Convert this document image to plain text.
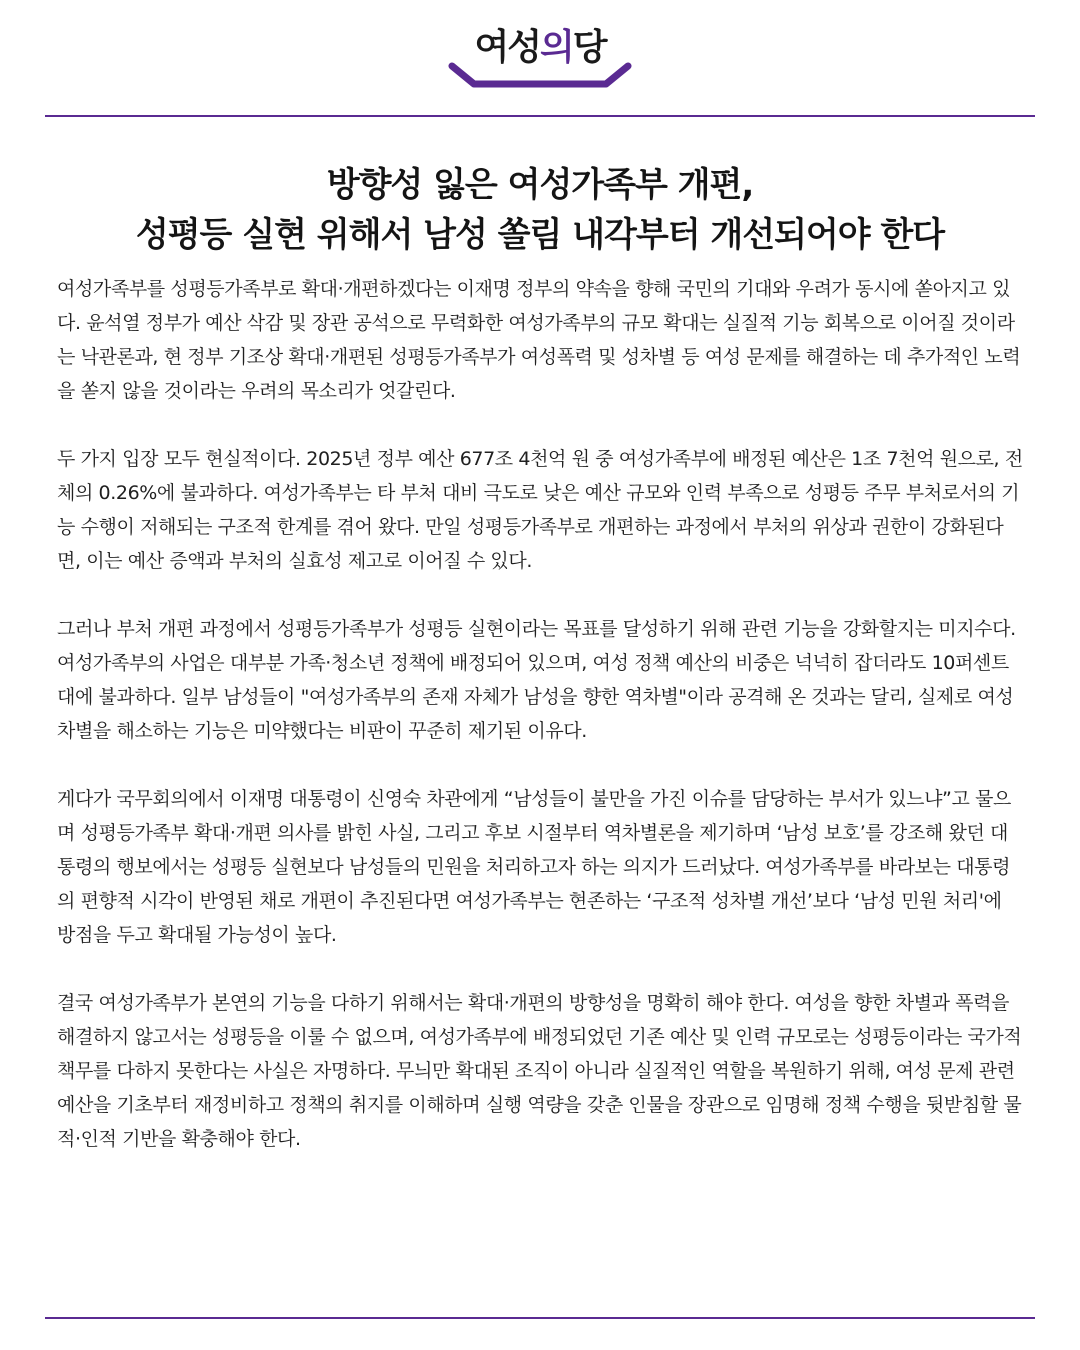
여성의당
방향성 잃은 여성가족부 개편,
성평등 실현 위해서 남성 쏠림 내각부터 개선되어야 한다

여성가족부를 성평등가족부로 확대·개편하겠다는 이재명 정부의 약속을 향해 국민의 기대와 우려가 동시에 쏟아지고 있다. 윤석열 정부가 예산 삭감 및 장관 공석으로 무력화한 여성가족부의 규모 확대는 실질적 기능 회복으로 이어질 것이라는 낙관론과, 현 정부 기조상 확대·개편된 성평등가족부가 여성폭력 및 성차별 등 여성 문제를 해결하는 데 추가적인 노력을 쏟지 않을 것이라는 우려의 목소리가 엇갈린다.

두 가지 입장 모두 현실적이다. 2025년 정부 예산 677조 4천억 원 중 여성가족부에 배정된 예산은 1조 7천억 원으로, 전체의 0.26%에 불과하다. 여성가족부는 타 부처 대비 극도로 낮은 예산 규모와 인력 부족으로 성평등 주무 부처로서의 기능 수행이 저해되는 구조적 한계를 겪어 왔다. 만일 성평등가족부로 개편하는 과정에서 부처의 위상과 권한이 강화된다면, 이는 예산 증액과 부처의 실효성 제고로 이어질 수 있다.

그러나 부처 개편 과정에서 성평등가족부가 성평등 실현이라는 목표를 달성하기 위해 관련 기능을 강화할지는 미지수다. 여성가족부의 사업은 대부분 가족·청소년 정책에 배정되어 있으며, 여성 정책 예산의 비중은 넉넉히 잡더라도 10퍼센트대에 불과하다. 일부 남성들이 "여성가족부의 존재 자체가 남성을 향한 역차별"이라 공격해 온 것과는 달리, 실제로 여성 차별을 해소하는 기능은 미약했다는 비판이 꾸준히 제기된 이유다.

게다가 국무회의에서 이재명 대통령이 신영숙 차관에게 “남성들이 불만을 가진 이슈를 담당하는 부서가 있느냐”고 물으며 성평등가족부 확대·개편 의사를 밝힌 사실, 그리고 후보 시절부터 역차별론을 제기하며 ‘남성 보호’를 강조해 왔던 대통령의 행보에서는 성평등 실현보다 남성들의 민원을 처리하고자 하는 의지가 드러났다. 여성가족부를 바라보는 대통령의 편향적 시각이 반영된 채로 개편이 추진된다면 여성가족부는 현존하는 ‘구조적 성차별 개선’보다 ‘남성 민원 처리'에 방점을 두고 확대될 가능성이 높다.

결국 여성가족부가 본연의 기능을 다하기 위해서는 확대·개편의 방향성을 명확히 해야 한다. 여성을 향한 차별과 폭력을 해결하지 않고서는 성평등을 이룰 수 없으며, 여성가족부에 배정되었던 기존 예산 및 인력 규모로는 성평등이라는 국가적 책무를 다하지 못한다는 사실은 자명하다. 무늬만 확대된 조직이 아니라 실질적인 역할을 복원하기 위해, 여성 문제 관련 예산을 기초부터 재정비하고 정책의 취지를 이해하며 실행 역량을 갖춘 인물을 장관으로 임명해 정책 수행을 뒷받침할 물적·인적 기반을 확충해야 한다.
